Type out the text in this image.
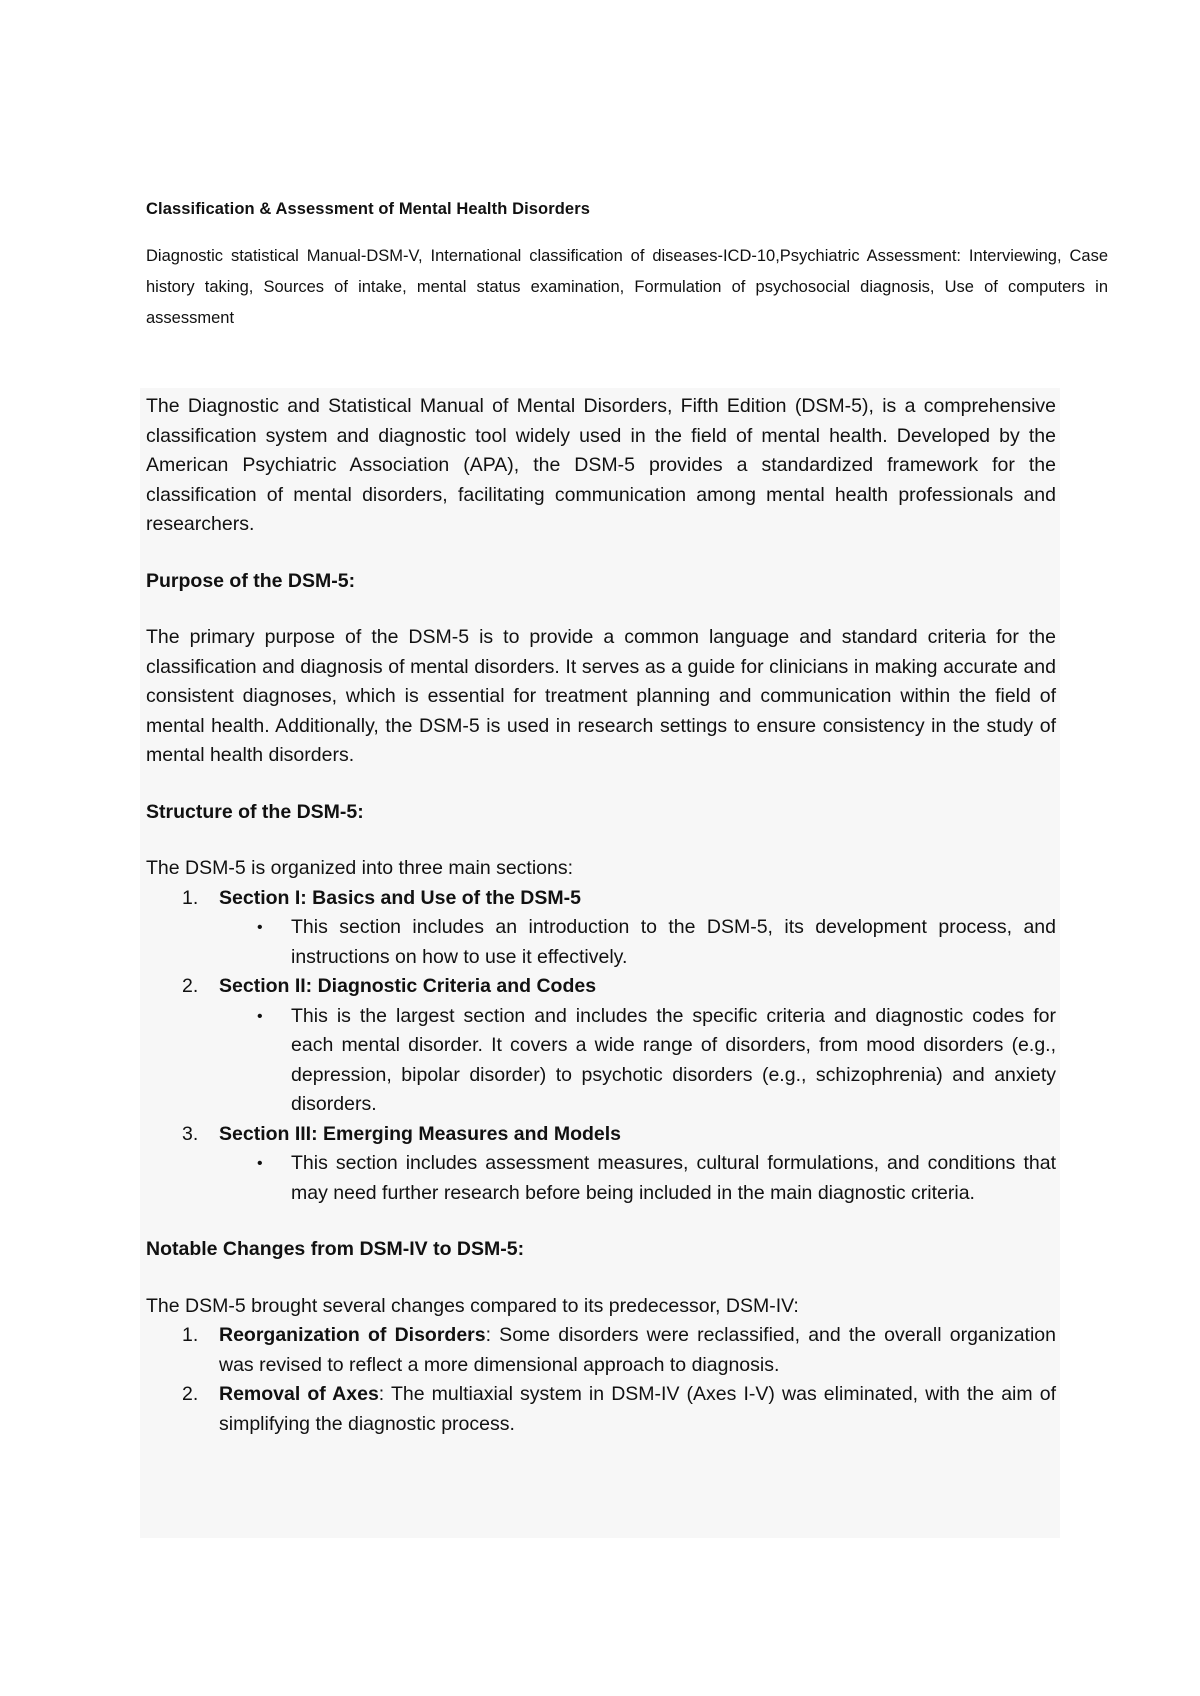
Classification & Assessment of Mental Health Disorders

Diagnostic statistical Manual-DSM-V, International classification of diseases-ICD-10,Psychiatric Assessment: Interviewing, Case history taking, Sources of intake, mental status examination, Formulation of psychosocial diagnosis, Use of computers in assessment

The Diagnostic and Statistical Manual of Mental Disorders, Fifth Edition (DSM-5), is a comprehensive classification system and diagnostic tool widely used in the field of mental health. Developed by the American Psychiatric Association (APA), the DSM-5 provides a standardized framework for the classification of mental disorders, facilitating communication among mental health professionals and researchers.

Purpose of the DSM-5:

The primary purpose of the DSM-5 is to provide a common language and standard criteria for the classification and diagnosis of mental disorders. It serves as a guide for clinicians in making accurate and consistent diagnoses, which is essential for treatment planning and communication within the field of mental health. Additionally, the DSM-5 is used in research settings to ensure consistency in the study of mental health disorders.

Structure of the DSM-5:

The DSM-5 is organized into three main sections:

1. Section I: Basics and Use of the DSM-5
• This section includes an introduction to the DSM-5, its development process, and instructions on how to use it effectively.
2. Section II: Diagnostic Criteria and Codes
• This is the largest section and includes the specific criteria and diagnostic codes for each mental disorder. It covers a wide range of disorders, from mood disorders (e.g., depression, bipolar disorder) to psychotic disorders (e.g., schizophrenia) and anxiety disorders.
3. Section III: Emerging Measures and Models
• This section includes assessment measures, cultural formulations, and conditions that may need further research before being included in the main diagnostic criteria.
Notable Changes from DSM-IV to DSM-5:

The DSM-5 brought several changes compared to its predecessor, DSM-IV:

1. Reorganization of Disorders: Some disorders were reclassified, and the overall organization was revised to reflect a more dimensional approach to diagnosis.
2. Removal of Axes: The multiaxial system in DSM-IV (Axes I-V) was eliminated, with the aim of simplifying the diagnostic process.
